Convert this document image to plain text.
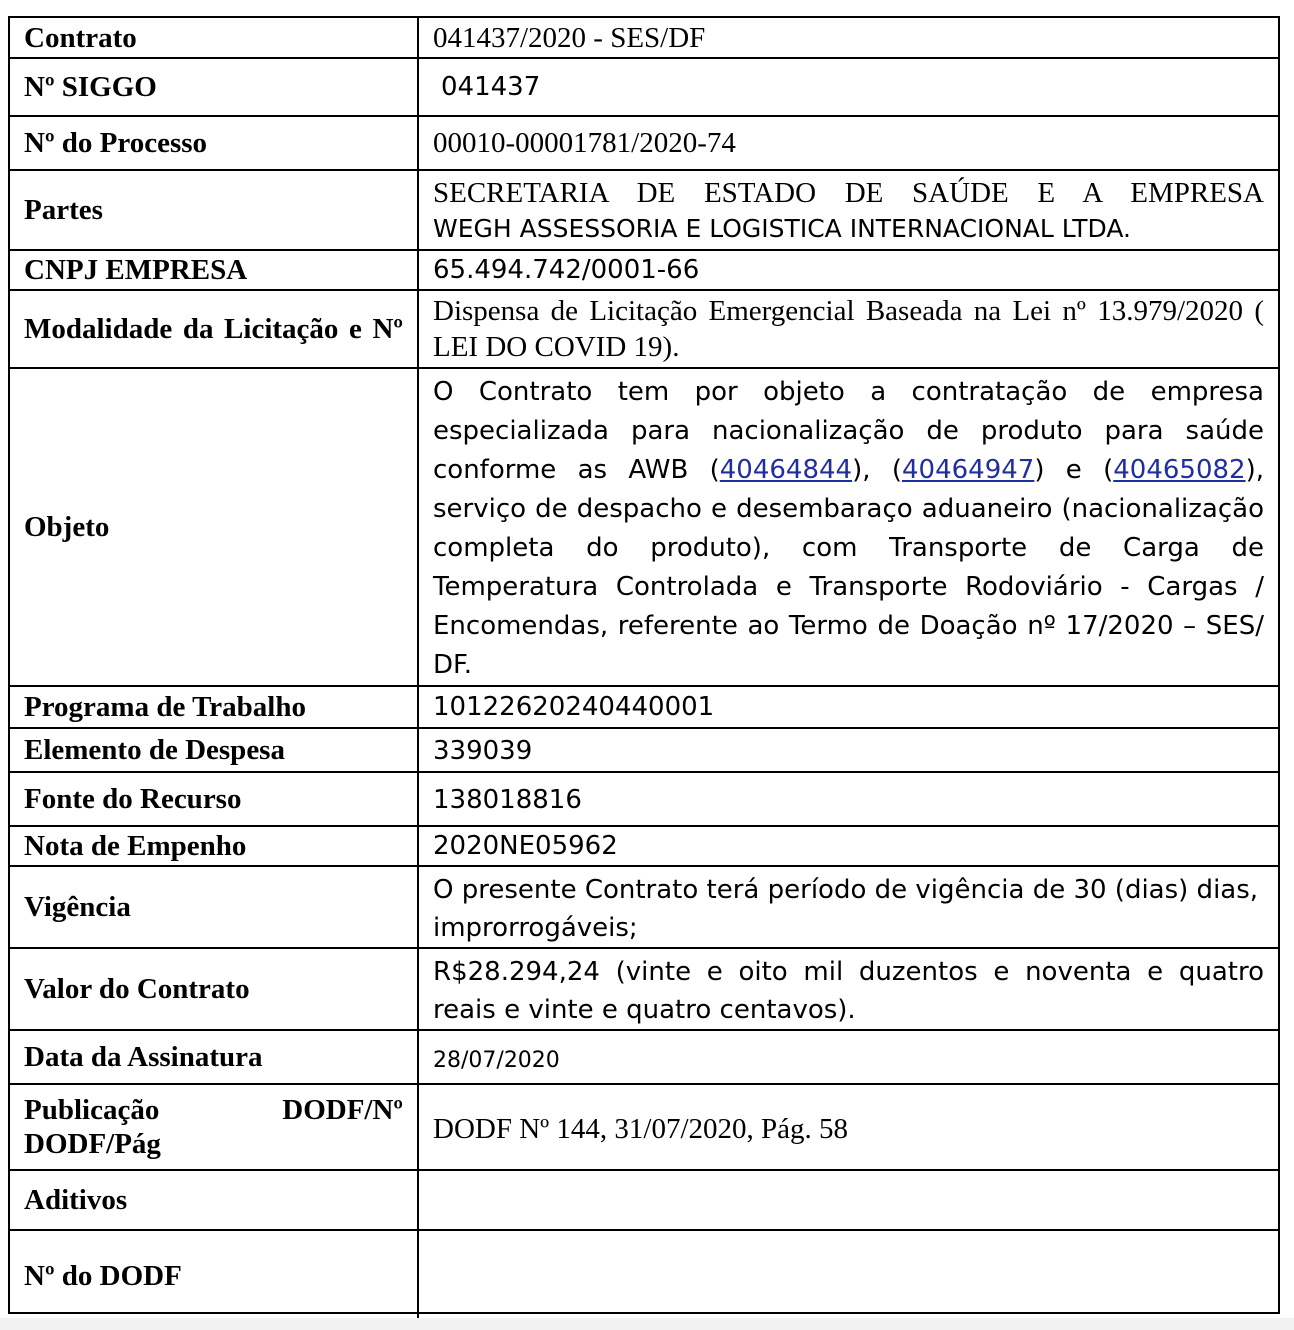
Contrato	041437/2020 - SES/DF
Nº SIGGO	041437
Nº do Processo	00010-00001781/2020-74
Partes	SECRETARIA DE ESTADO DE SAÚDE E A EMPRESA
WEGH ASSESSORIA E LOGISTICA INTERNACIONAL LTDA.

CNPJ EMPRESA	65.494.742/0001-66
Modalidade da Licitação e Nº	Dispensa de Licitação Emergencial Baseada na Lei nº 13.979/2020 ( LEI DO COVID 19).
Objeto	O Contrato tem por objeto a contratação de empresa especializada para nacionalização de produto para saúde conforme as AWB (40464844), (40464947) e (40465082), serviço de despacho e desembaraço aduaneiro (nacionalização completa do produto), com Transporte de Carga de Temperatura Controlada e Transporte Rodoviário - Cargas / Encomendas, referente ao Termo de Doação nº 17/2020 – SES/ DF.
Programa de Trabalho	10122620240440001
Elemento de Despesa	339039
Fonte do Recurso	138018816
Nota de Empenho	2020NE05962
Vigência	O presente Contrato terá período de vigência de 30 (dias) dias, improrrogáveis;
Valor do Contrato	R$28.294,24 (vinte e oito mil duzentos e noventa e quatro reais e vinte e quatro centavos).
Data da Assinatura	28/07/2020
Publicação DODF/Nº DODF/Pág	DODF Nº 144, 31/07/2020, Pág. 58
Aditivos	
Nº do DODF	
